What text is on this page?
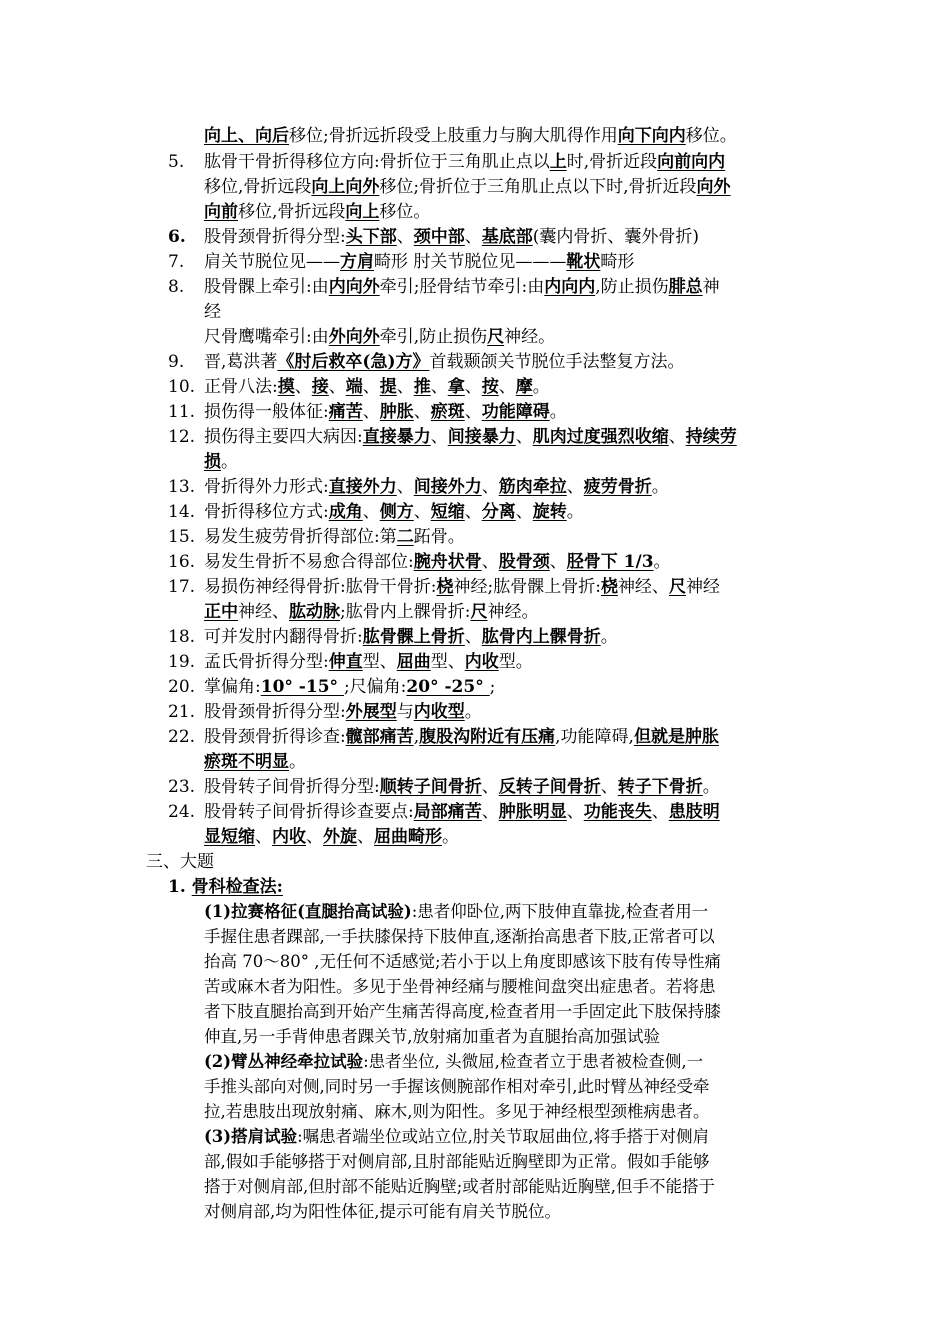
向上、向后移位;骨折远折段受上肢重力与胸大肌得作用向下向内移位。
5. 肱骨干骨折得移位方向:骨折位于三角肌止点以上时,骨折近段向前向内
移位,骨折远段向上向外移位;骨折位于三角肌止点以下时,骨折近段向外
向前移位,骨折远段向上移位。
6. 股骨颈骨折得分型:头下部、颈中部、基底部(囊内骨折、囊外骨折)
7. 肩关节脱位见——方肩畸形 肘关节脱位见———靴状畸形
8. 股骨髁上牵引:由内向外牵引;胫骨结节牵引:由内向内,防止损伤腓总神
经
尺骨鹰嘴牵引:由外向外牵引,防止损伤尺神经。
9. 晋,葛洪著《肘后救卒(急)方》首载颞颌关节脱位手法整复方法。
10. 正骨八法:摸、接、端、提、推、拿、按、摩。
11. 损伤得一般体征:痛苦、肿胀、瘀斑、功能障碍。
12. 损伤得主要四大病因:直接暴力、间接暴力、肌肉过度强烈收缩、持续劳
损。
13. 骨折得外力形式:直接外力、间接外力、筋肉牵拉、疲劳骨折。
14. 骨折得移位方式:成角、侧方、短缩、分离、旋转。
15. 易发生疲劳骨折得部位:第二跖骨。
16. 易发生骨折不易愈合得部位:腕舟状骨、股骨颈、胫骨下 1/3。
17. 易损伤神经得骨折:肱骨干骨折:桡神经;肱骨髁上骨折:桡神经、尺神经
正中神经、肱动脉;肱骨内上髁骨折:尺神经。
18. 可并发肘内翻得骨折:肱骨髁上骨折、肱骨内上髁骨折。
19. 孟氏骨折得分型:伸直型、屈曲型、内收型。
20. 掌偏角:10° -15° ;尺偏角:20° -25° ;
21. 股骨颈骨折得分型:外展型与内收型。
22. 股骨颈骨折得诊查:髋部痛苦,腹股沟附近有压痛,功能障碍,但就是肿胀
瘀斑不明显。
23. 股骨转子间骨折得分型:顺转子间骨折、反转子间骨折、转子下骨折。
24. 股骨转子间骨折得诊查要点:局部痛苦、肿胀明显、功能丧失、患肢明
显短缩、内收、外旋、屈曲畸形。
三、大题
1. 骨科检查法:
(1)拉赛格征(直腿抬高试验):患者仰卧位,两下肢伸直靠拢,检查者用一
手握住患者踝部,一手扶膝保持下肢伸直,逐渐抬高患者下肢,正常者可以
抬高 70～80° ,无任何不适感觉;若小于以上角度即感该下肢有传导性痛
苦或麻木者为阳性。多见于坐骨神经痛与腰椎间盘突出症患者。若将患
者下肢直腿抬高到开始产生痛苦得高度,检查者用一手固定此下肢保持膝
伸直,另一手背伸患者踝关节,放射痛加重者为直腿抬高加强试验
(2)臂丛神经牵拉试验:患者坐位, 头微屈,检查者立于患者被检查侧,一
手推头部向对侧,同时另一手握该侧腕部作相对牵引,此时臂丛神经受牵
拉,若患肢出现放射痛、麻木,则为阳性。多见于神经根型颈椎病患者。
(3)搭肩试验:嘱患者端坐位或站立位,肘关节取屈曲位,将手搭于对侧肩
部,假如手能够搭于对侧肩部,且肘部能贴近胸壁即为正常。假如手能够
搭于对侧肩部,但肘部不能贴近胸壁;或者肘部能贴近胸壁,但手不能搭于
对侧肩部,均为阳性体征,提示可能有肩关节脱位。
